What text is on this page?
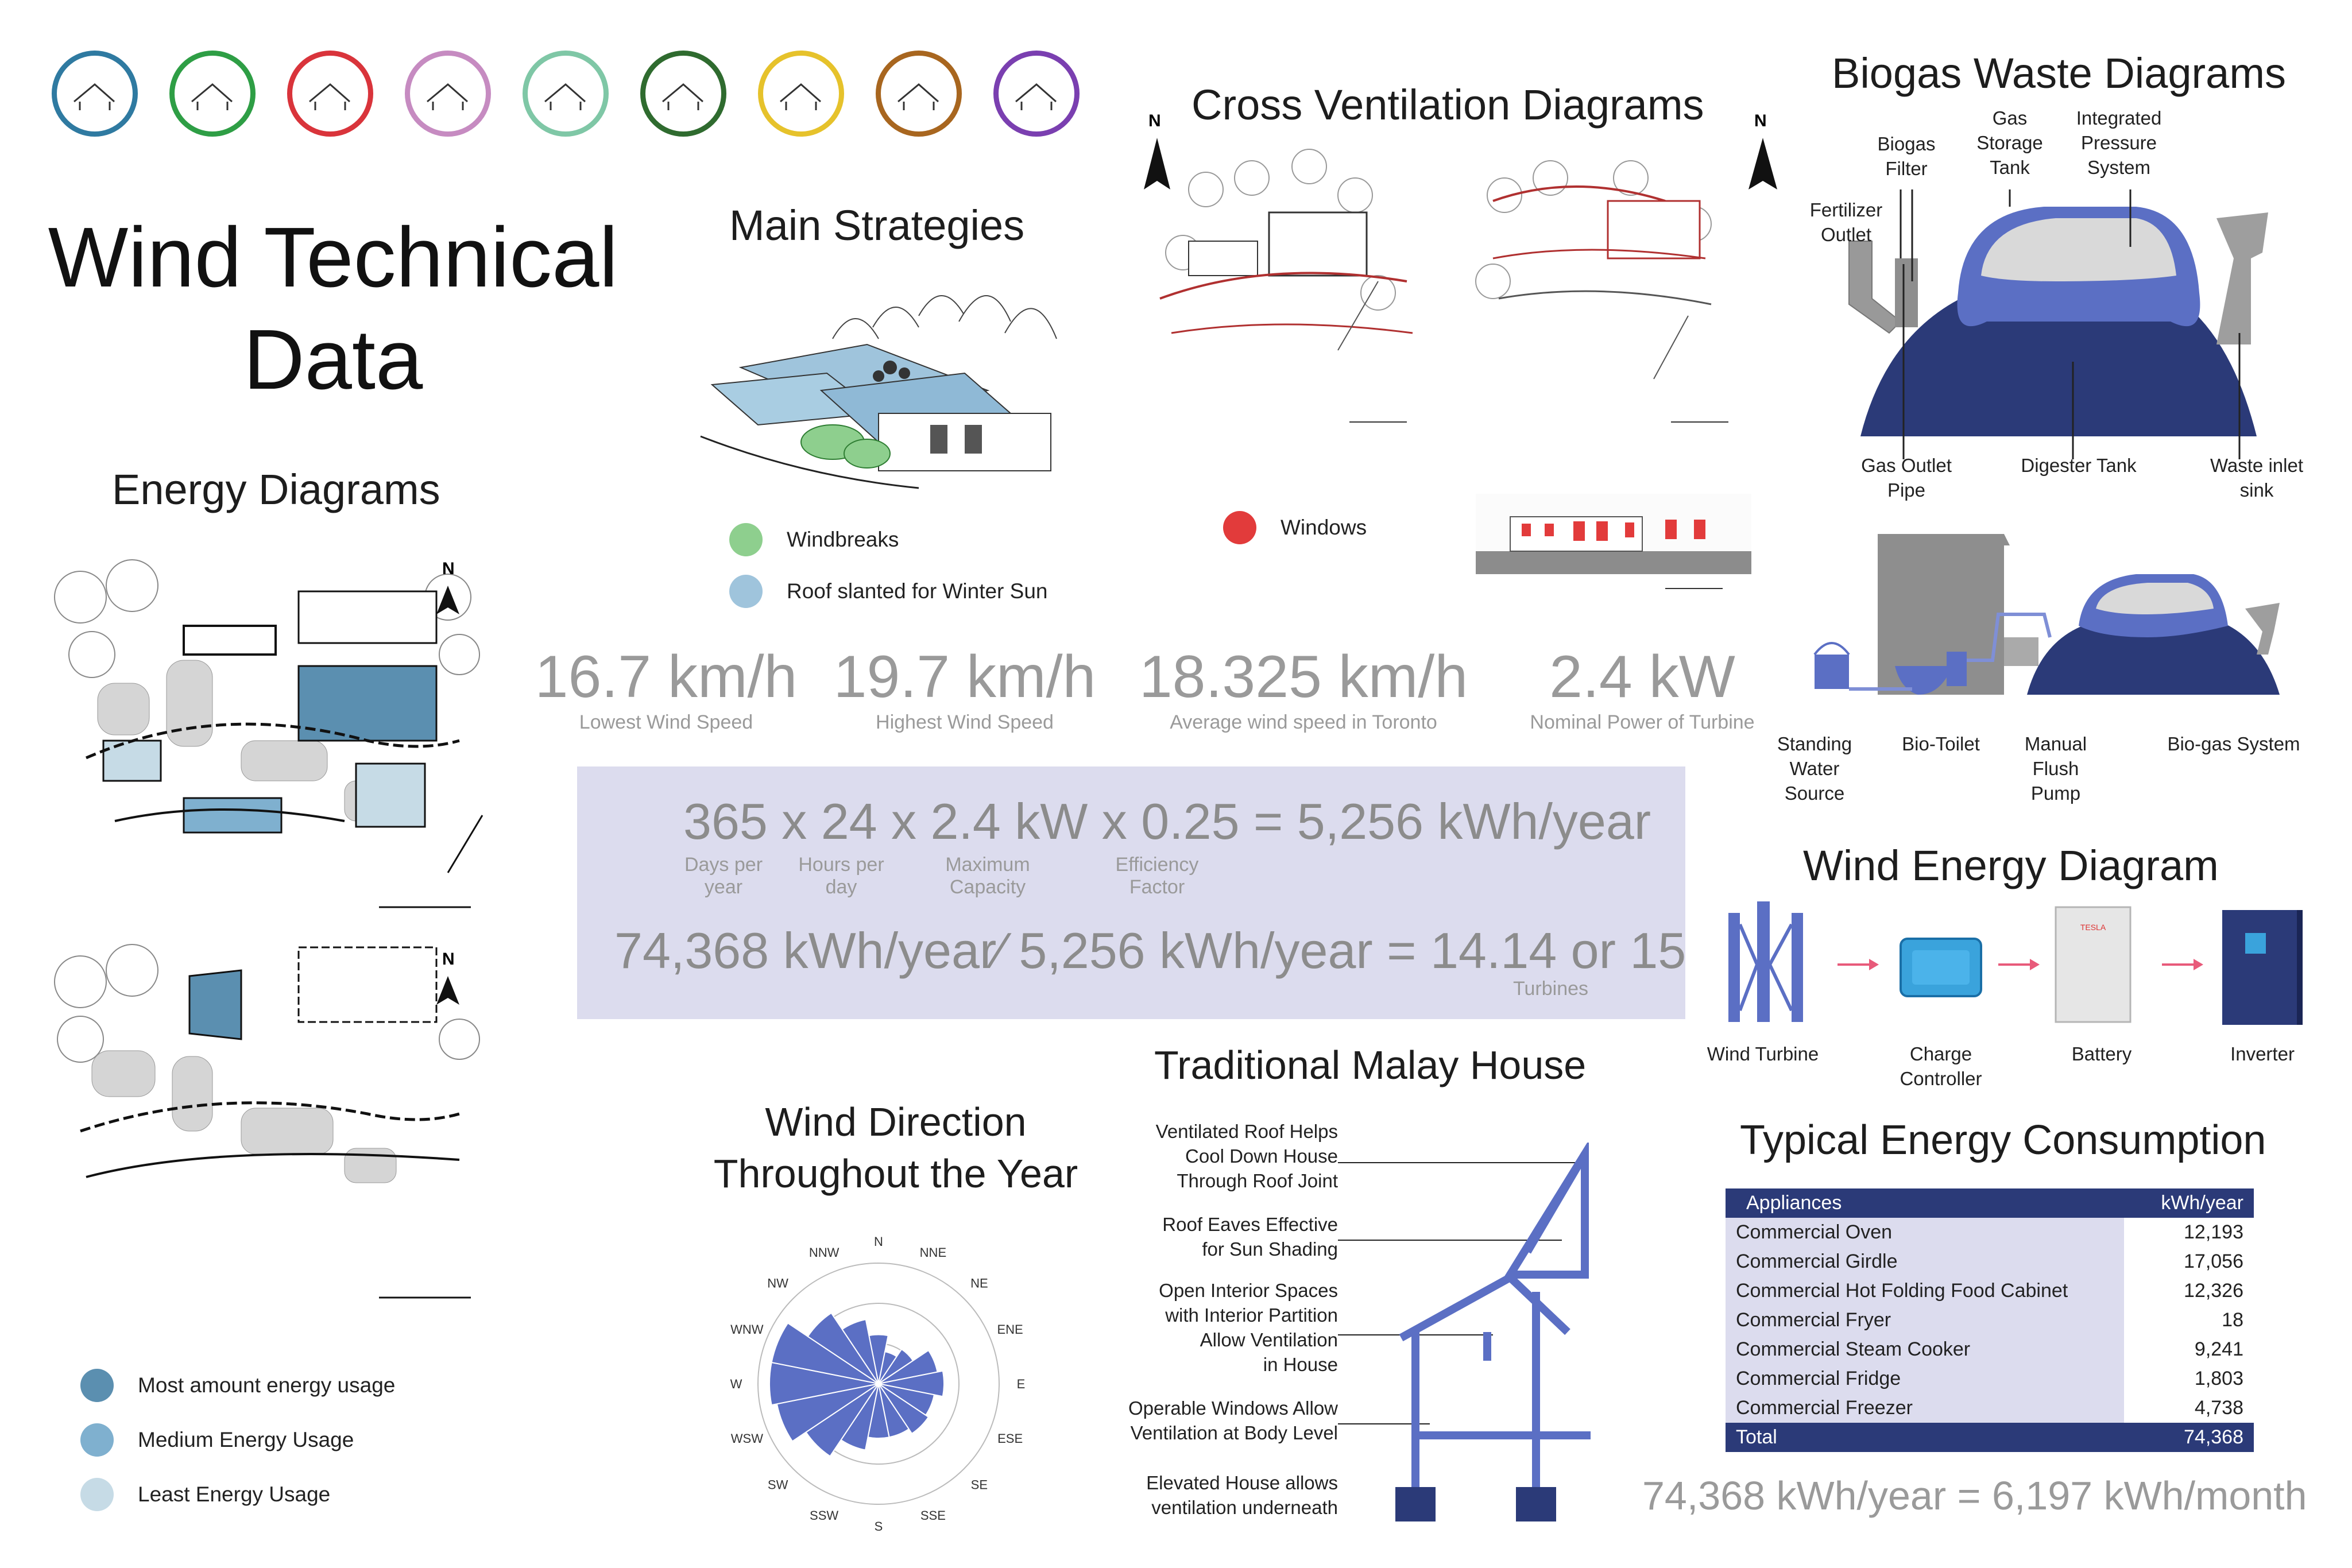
Wind Technical
Data
Energy Diagrams
N
N
Most amount energy usage
Medium Energy Usage
Least Energy Usage
Main Strategies
Windbreaks
Roof slanted for Winter Sun
Cross Ventilation Diagrams
N	N
Windows
16.7 km/h
Lowest Wind Speed
19.7 km/h
Highest Wind Speed
18.325 km/h
Average wind speed in Toronto
2.4 kW
Nominal Power of Turbine
365 x 24 x 2.4 kW x 0.25 = 5,256 kWh/year
Days per
year
Hours per
day
Maximum
Capacity
Efficiency
Factor
74,368 kWh/year⁄ 5,256 kWh/year = 14.14 or 15
Turbines
Biogas Waste Diagrams
Biogas
Filter
Gas
Storage
Tank
Integrated
Pressure
System
Fertilizer
Outlet
Gas Outlet
Pipe
Digester Tank	Waste inlet
sink
Standing
Water
Source
Bio-Toilet	Manual
Flush
Pump
Bio-gas System
Wind Energy Diagram
TESLA
Wind Turbine	Charge
Controller
Battery	Inverter
Wind Direction
Throughout the Year
N
NNE
NE
ENE
E
ESE
SE
SSE
S
SSW
SW
WSW
W
WNW
NW
NNW
Traditional Malay House
Ventilated Roof Helps
Cool Down House
Through Roof Joint
Roof Eaves Effective
for Sun Shading
Open Interior Spaces
with Interior Partition
Allow Ventilation
in House
Operable Windows Allow
Ventilation at Body Level
Elevated House allows
ventilation underneath
Typical Energy Consumption
Appliances	kWh/year
Commercial Oven	12,193
Commercial Girdle	17,056
Commercial Hot Folding Food Cabinet	12,326
Commercial Fryer	18
Commercial Steam Cooker	9,241
Commercial Fridge	1,803
Commercial Freezer	4,738
Total	74,368
74,368 kWh/year = 6,197 kWh/month
